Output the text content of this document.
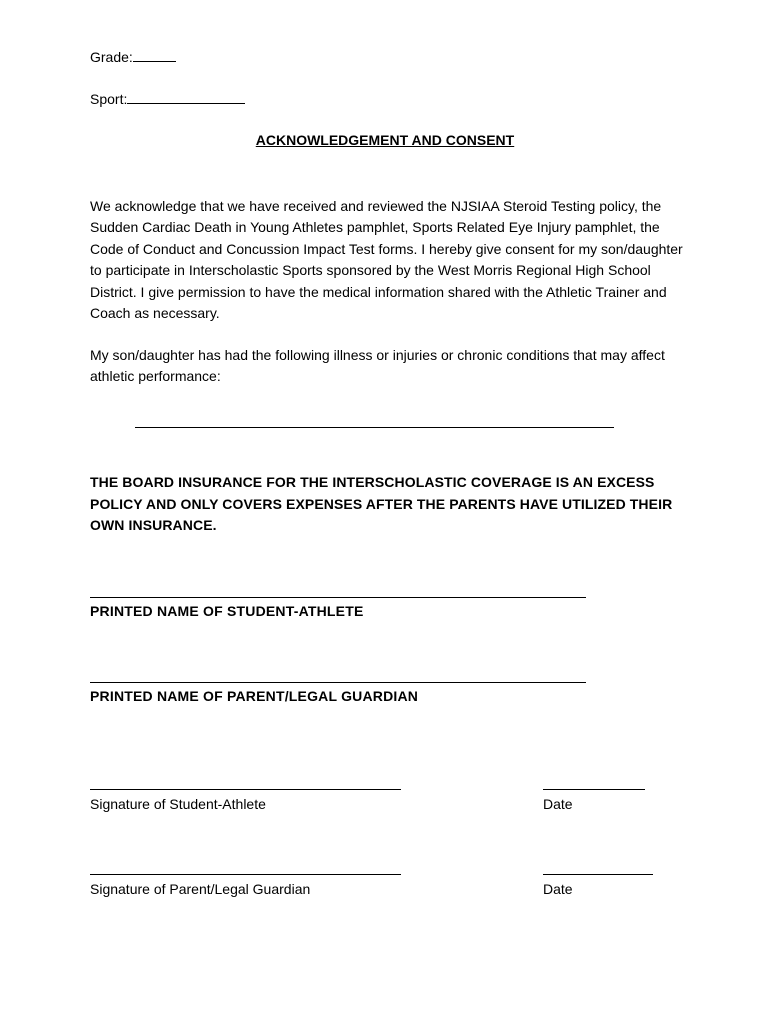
Grade:
Sport:
ACKNOWLEDGEMENT AND CONSENT
We acknowledge that we have received and reviewed the NJSIAA Steroid Testing policy, the Sudden Cardiac Death in Young Athletes pamphlet, Sports Related Eye Injury pamphlet, the Code of Conduct and Concussion Impact Test forms. I hereby give consent for my son/daughter to participate in Interscholastic Sports sponsored by the West Morris Regional High School District. I give permission to have the medical information shared with the Athletic Trainer and Coach as necessary.
My son/daughter has had the following illness or injuries or chronic conditions that may affect athletic performance:
THE BOARD INSURANCE FOR THE INTERSCHOLASTIC COVERAGE IS AN EXCESS POLICY AND ONLY COVERS EXPENSES AFTER THE PARENTS HAVE UTILIZED THEIR OWN INSURANCE.
PRINTED NAME OF STUDENT-ATHLETE
PRINTED NAME OF PARENT/LEGAL GUARDIAN
Signature of Student-Athlete	Date
Signature of Parent/Legal Guardian	Date
